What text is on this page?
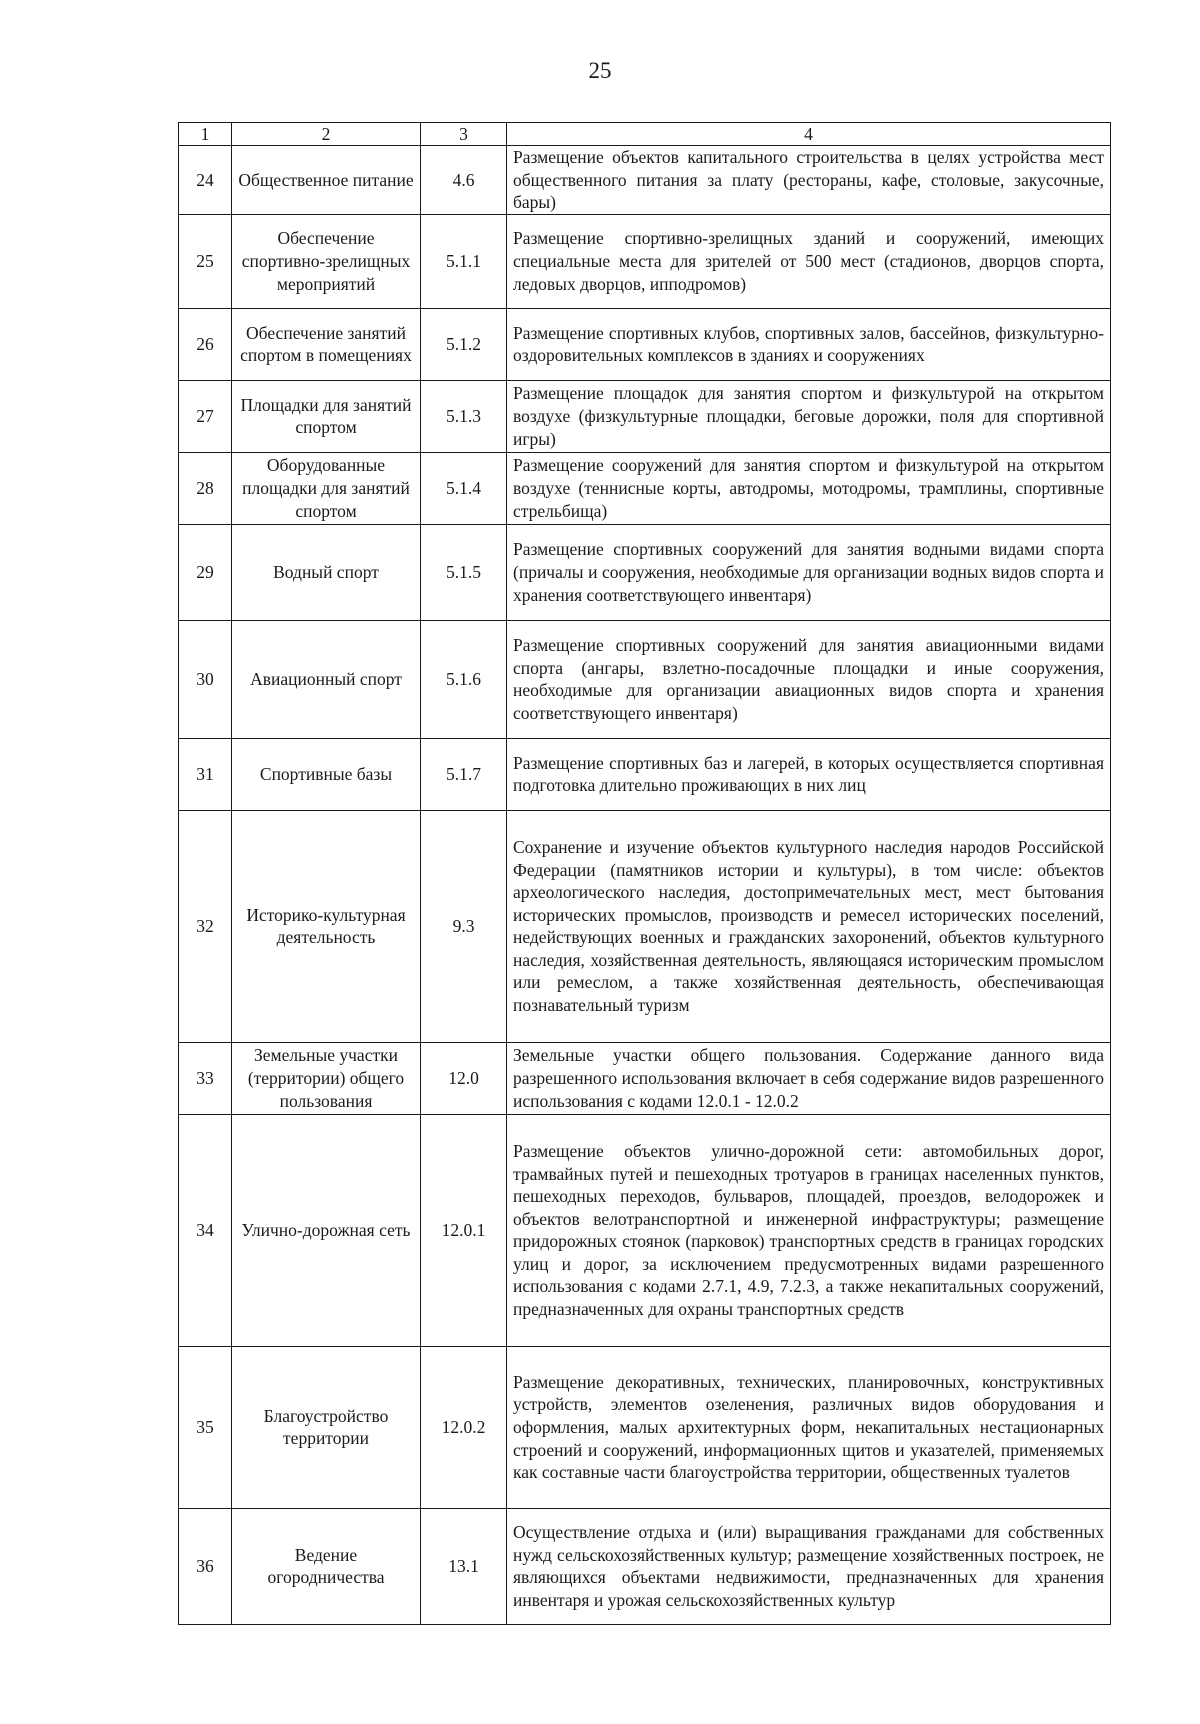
25
1	2	3	4
24	Общественное питание	4.6	Размещение объектов капитального строительства в целях устройства мест общественного питания за плату (рестораны, кафе, столовые, закусочные, бары)
25	Обеспечение спортивно-зрелищных мероприятий	5.1.1	Размещение спортивно-зрелищных зданий и сооружений, имеющих специальные места для зрителей от 500 мест (стадионов, дворцов спорта, ледовых дворцов, ипподромов)
26	Обеспечение занятий спортом в помещениях	5.1.2	Размещение спортивных клубов, спортивных залов, бассейнов, физкультурно-оздоровительных комплексов в зданиях и сооружениях
27	Площадки для занятий спортом	5.1.3	Размещение площадок для занятия спортом и физкультурой на открытом воздухе (физкультурные площадки, беговые дорожки, поля для спортивной игры)
28	Оборудованные площадки для занятий спортом	5.1.4	Размещение сооружений для занятия спортом и физкультурой на открытом воздухе (теннисные корты, автодромы, мотодромы, трамплины, спортивные стрельбища)
29	Водный спорт	5.1.5	Размещение спортивных сооружений для занятия водными видами спорта (причалы и сооружения, необходимые для организации водных видов спорта и хранения соответствующего инвентаря)
30	Авиационный спорт	5.1.6	Размещение спортивных сооружений для занятия авиационными видами спорта (ангары, взлетно-посадочные площадки и иные сооружения, необходимые для организации авиационных видов спорта и хранения соответствующего инвентаря)
31	Спортивные базы	5.1.7	Размещение спортивных баз и лагерей, в которых осуществляется спортивная подготовка длительно проживающих в них лиц
32	Историко-культурная деятельность	9.3	Сохранение и изучение объектов культурного наследия народов Российской Федерации (памятников истории и культуры), в том числе: объектов археологического наследия, достопримечательных мест, мест бытования исторических промыслов, производств и ремесел исторических поселений, недействующих военных и гражданских захоронений, объектов культурного наследия, хозяйственная деятельность, являющаяся историческим промыслом или ремеслом, а также хозяйственная деятельность, обеспечивающая познавательный туризм
33	Земельные участки (территории) общего пользования	12.0	Земельные участки общего пользования. Содержание данного вида разрешенного использования включает в себя содержание видов разрешенного использования с кодами 12.0.1 - 12.0.2
34	Улично-дорожная сеть	12.0.1	Размещение объектов улично-дорожной сети: автомобильных дорог, трамвайных путей и пешеходных тротуаров в границах населенных пунктов, пешеходных переходов, бульваров, площадей, проездов, велодорожек и объектов велотранспортной и инженерной инфраструктуры; размещение придорожных стоянок (парковок) транспортных средств в границах городских улиц и дорог, за исключением предусмотренных видами разрешенного использования с кодами 2.7.1, 4.9, 7.2.3, а также некапитальных сооружений, предназначенных для охраны транспортных средств
35	Благоустройство территории	12.0.2	Размещение декоративных, технических, планировочных, конструктивных устройств, элементов озеленения, различных видов оборудования и оформления, малых архитектурных форм, некапитальных нестационарных строений и сооружений, информационных щитов и указателей, применяемых как составные части благоустройства территории, общественных туалетов
36	Ведение огородничества	13.1	Осуществление отдыха и (или) выращивания гражданами для собственных нужд сельскохозяйственных культур; размещение хозяйственных построек, не являющихся объектами недвижимости, предназначенных для хранения инвентаря и урожая сельскохозяйственных культур
